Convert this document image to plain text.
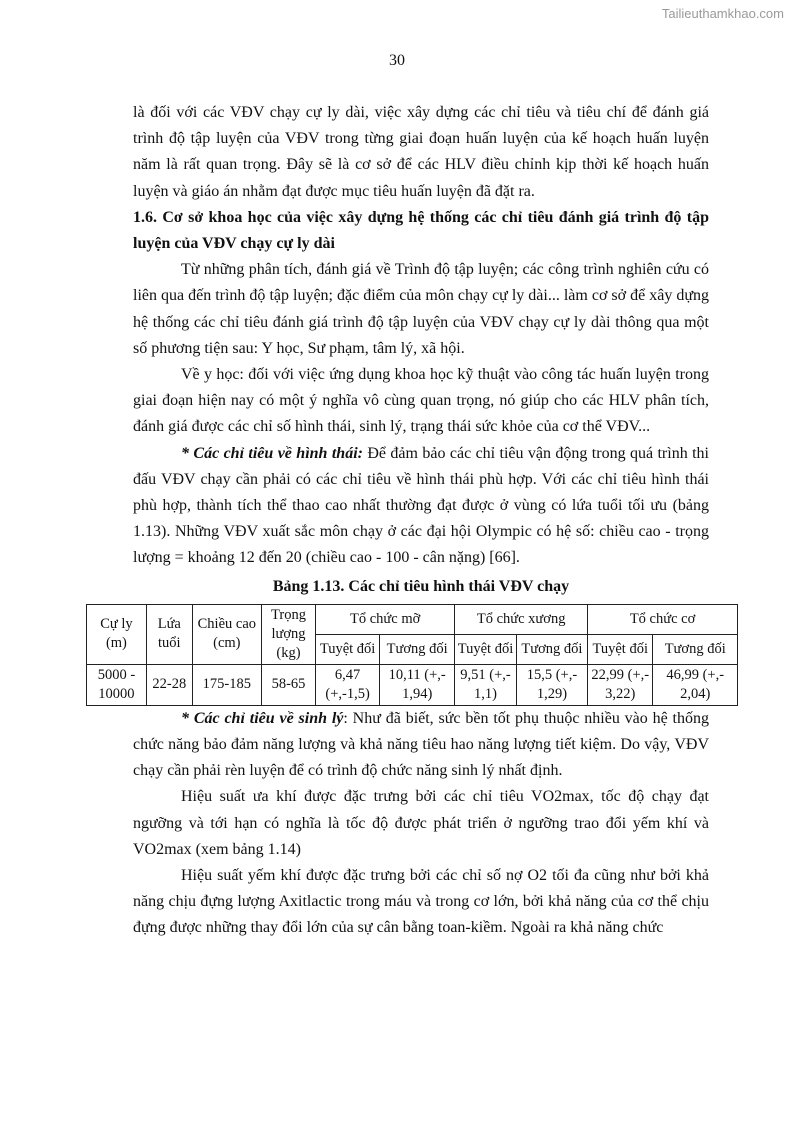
Tailieuthamkhao.com
30

là đối với các VĐV chạy cự ly dài, việc xây dựng các chỉ tiêu và tiêu chí để đánh giá trình độ tập luyện của VĐV trong từng giai đoạn huấn luyện của kế hoạch huấn luyện năm là rất quan trọng. Đây sẽ là cơ sở để các HLV điều chỉnh kịp thời kế hoạch huấn luyện và giáo án nhằm đạt được mục tiêu huấn luyện đã đặt ra.

1.6. Cơ sở khoa học của việc xây dựng hệ thống các chỉ tiêu đánh giá trình độ tập luyện của VĐV chạy cự ly dài

Từ những phân tích, đánh giá về Trình độ tập luyện; các công trình nghiên cứu có liên qua đến trình độ tập luyện; đặc điểm của môn chạy cự ly dài... làm cơ sở để xây dựng hệ thống các chỉ tiêu đánh giá trình độ tập luyện của VĐV chạy cự ly dài thông qua một số phương tiện sau: Y học, Sư phạm, tâm lý, xã hội.

Về y học: đối với việc ứng dụng khoa học kỹ thuật vào công tác huấn luyện trong giai đoạn hiện nay có một ý nghĩa vô cùng quan trọng, nó giúp cho các HLV phân tích, đánh giá được các chỉ số hình thái, sinh lý, trạng thái sức khỏe của cơ thể VĐV...

* Các chỉ tiêu về hình thái: Để đảm bảo các chỉ tiêu vận động trong quá trình thi đấu VĐV chạy cần phải có các chỉ tiêu về hình thái phù hợp. Với các chỉ tiêu hình thái phù hợp, thành tích thể thao cao nhất thường đạt được ở vùng có lứa tuổi tối ưu (bảng 1.13). Những VĐV xuất sắc môn chạy ở các đại hội Olympic có hệ số: chiều cao - trọng lượng = khoảng 12 đến 20 (chiều cao - 100 - cân nặng) [66].

Bảng 1.13. Các chỉ tiêu hình thái VĐV chạy

Cự ly (m)	Lứa tuổi	Chiều cao (cm)	Trọng lượng (kg)	Tổ chức mỡ		Tổ chức xương		Tổ chức cơ	
				Tuyệt đối	Tương đối	Tuyệt đối	Tương đối	Tuyệt đối	Tương đối
5000 - 10000	22-28	175-185	58-65	6,47 (+,-1,5)	10,11 (+,- 1,94)	9,51 (+,- 1,1)	15,5 (+,- 1,29)	22,99 (+,- 3,22)	46,99 (+,- 2,04)

* Các chỉ tiêu về sinh lý: Như đã biết, sức bền tốt phụ thuộc nhiều vào hệ thống chức năng bảo đảm năng lượng và khả năng tiêu hao năng lượng tiết kiệm. Do vậy, VĐV chạy cần phải rèn luyện để có trình độ chức năng sinh lý nhất định.

Hiệu suất ưa khí được đặc trưng bởi các chỉ tiêu VO2max, tốc độ chạy đạt ngưỡng và tới hạn có nghĩa là tốc độ được phát triển ở ngưỡng trao đổi yếm khí và VO2max (xem bảng 1.14)

Hiệu suất yếm khí được đặc trưng bởi các chỉ số nợ O2 tối đa cũng như bởi khả năng chịu đựng lượng Axitlactic trong máu và trong cơ lớn, bởi khả năng của cơ thể chịu đựng được những thay đổi lớn của sự cân bằng toan-kiềm. Ngoài ra khả năng chức
